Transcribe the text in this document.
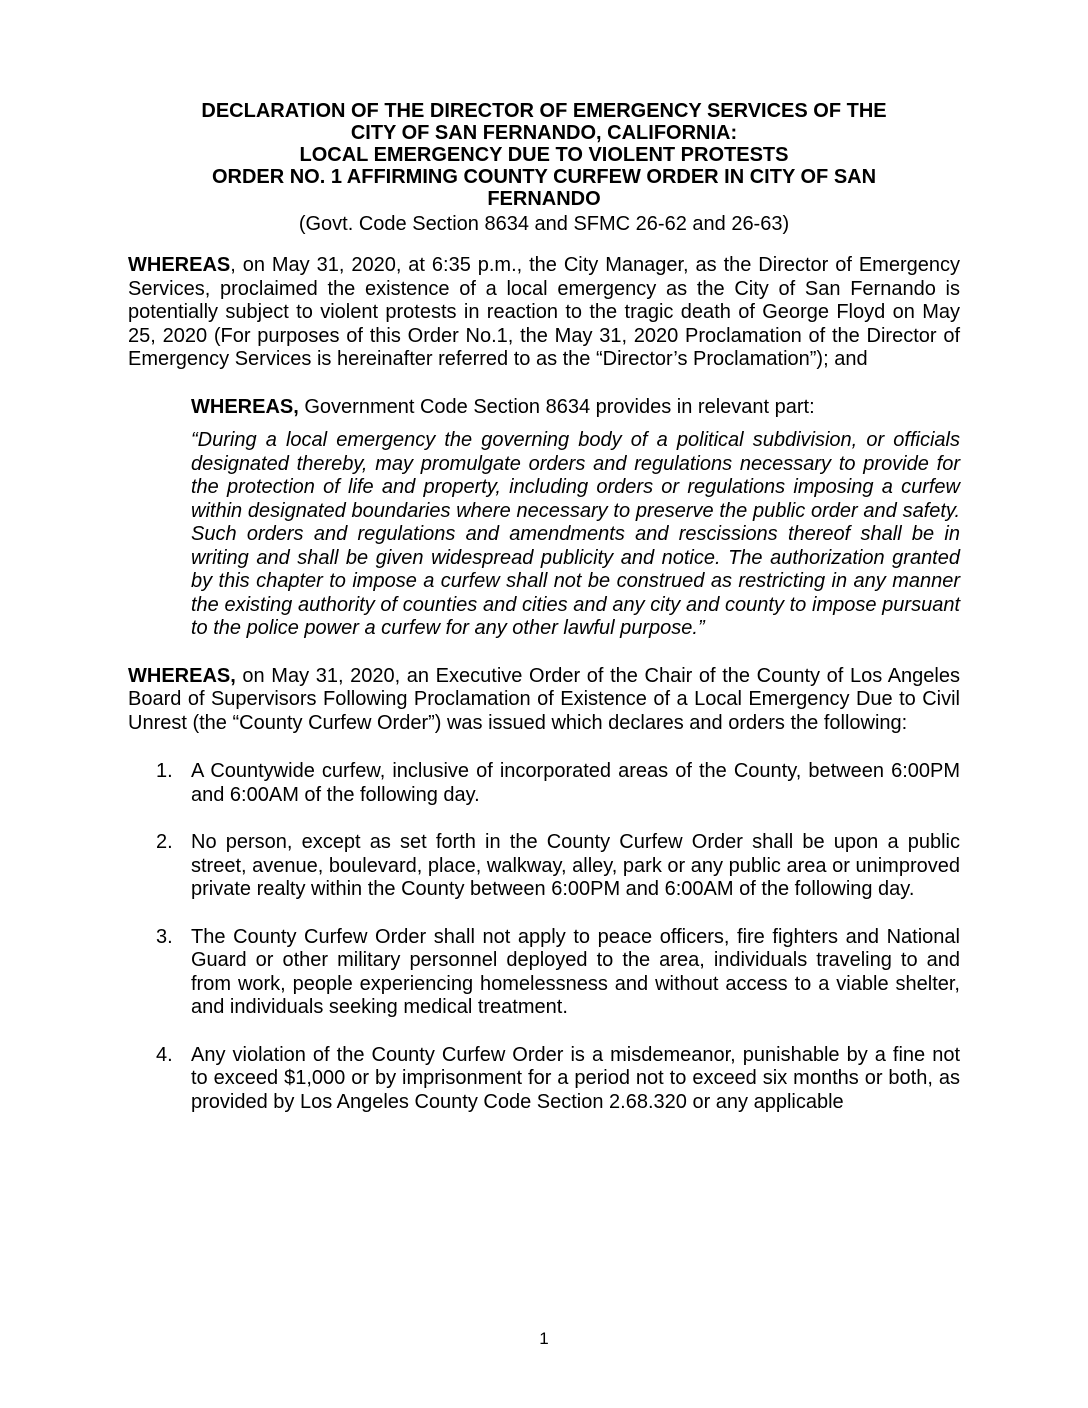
DECLARATION OF THE DIRECTOR OF EMERGENCY SERVICES OF THE
CITY OF SAN FERNANDO, CALIFORNIA:
LOCAL EMERGENCY DUE TO VIOLENT PROTESTS
ORDER NO. 1 AFFIRMING COUNTY CURFEW ORDER IN CITY OF SAN
FERNANDO
(Govt. Code Section 8634 and SFMC 26-62 and 26-63)

WHEREAS, on May 31, 2020, at 6:35 p.m., the City Manager, as the Director of Emergency Services, proclaimed the existence of a local emergency as the City of San Fernando is potentially subject to violent protests in reaction to the tragic death of George Floyd on May 25, 2020 (For purposes of this Order No.1, the May 31, 2020 Proclamation of the Director of Emergency Services is hereinafter referred to as the “Director’s Proclamation”); and

WHEREAS, Government Code Section 8634 provides in relevant part:

“During a local emergency the governing body of a political subdivision, or officials designated thereby, may promulgate orders and regulations necessary to provide for the protection of life and property, including orders or regulations imposing a curfew within designated boundaries where necessary to preserve the public order and safety. Such orders and regulations and amendments and rescissions thereof shall be in writing and shall be given widespread publicity and notice. The authorization granted by this chapter to impose a curfew shall not be construed as restricting in any manner the existing authority of counties and cities and any city and county to impose pursuant to the police power a curfew for any other lawful purpose.”

WHEREAS, on May 31, 2020, an Executive Order of the Chair of the County of Los Angeles Board of Supervisors Following Proclamation of Existence of a Local Emergency Due to Civil Unrest (the “County Curfew Order”) was issued which declares and orders the following:

1. A Countywide curfew, inclusive of incorporated areas of the County, between 6:00PM and 6:00AM of the following day.
2. No person, except as set forth in the County Curfew Order shall be upon a public street, avenue, boulevard, place, walkway, alley, park or any public area or unimproved private realty within the County between 6:00PM and 6:00AM of the following day.
3. The County Curfew Order shall not apply to peace officers, fire fighters and National Guard or other military personnel deployed to the area, individuals traveling to and from work, people experiencing homelessness and without access to a viable shelter, and individuals seeking medical treatment.
4. Any violation of the County Curfew Order is a misdemeanor, punishable by a fine not to exceed $1,000 or by imprisonment for a period not to exceed six months or both, as provided by Los Angeles County Code Section 2.68.320 or any applicable
1
